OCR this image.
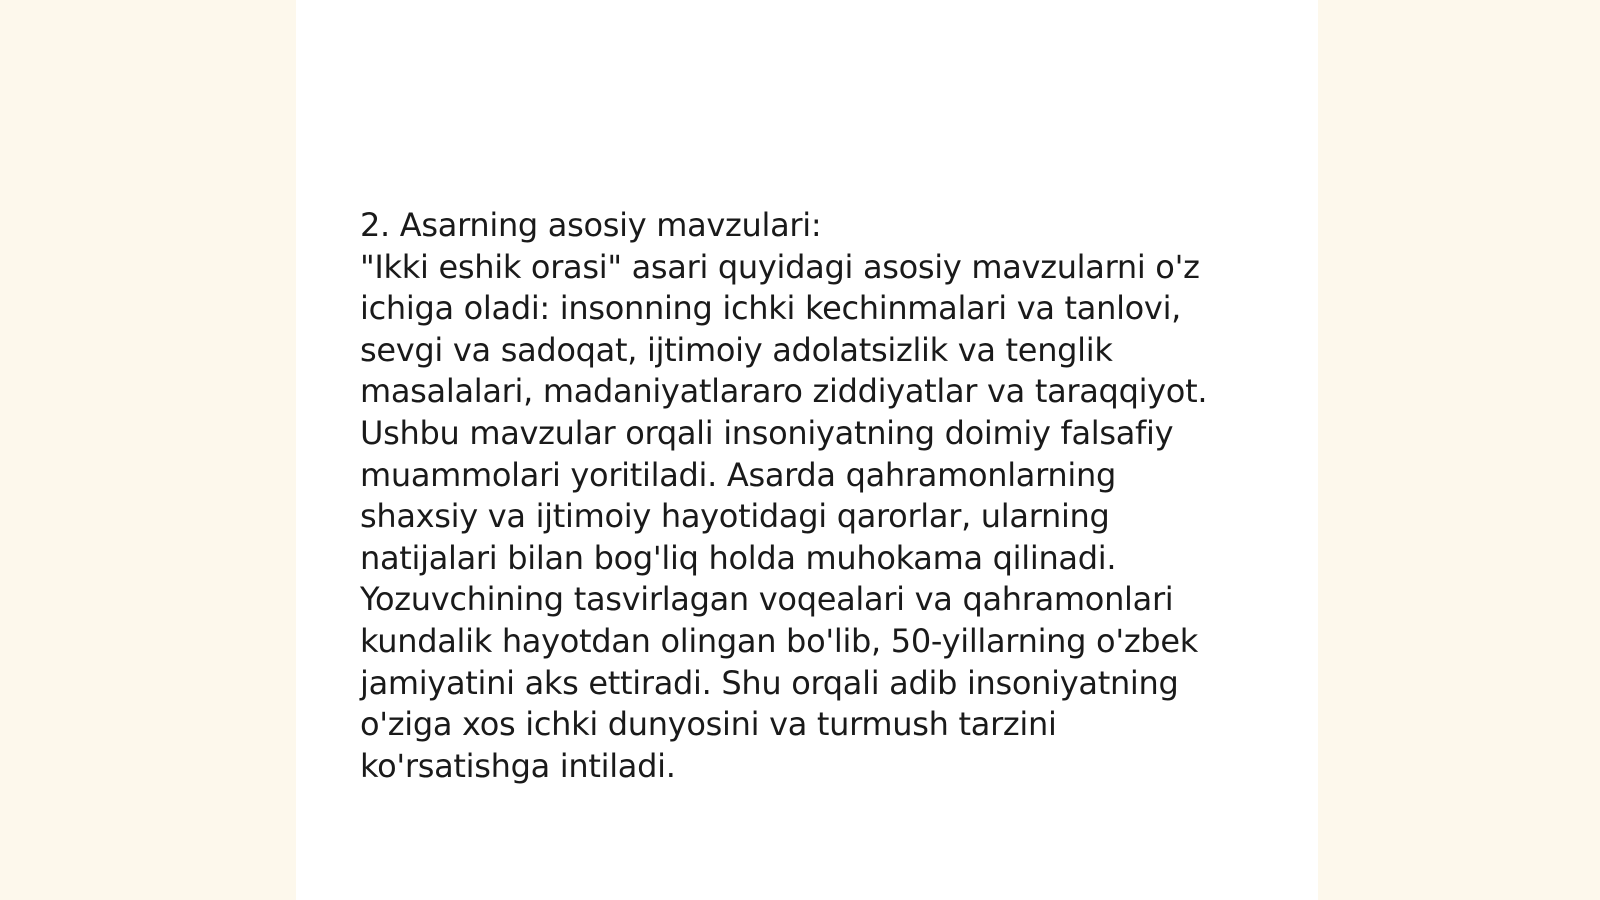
2. Asarning asosiy mavzulari:

"Ikki eshik orasi" asari quyidagi asosiy mavzularni o'z ichiga oladi: insonning ichki kechinmalari va tanlovi, sevgi va sadoqat, ijtimoiy adolatsizlik va tenglik masalalari, madaniyatlararo ziddiyatlar va taraqqiyot. Ushbu mavzular orqali insoniyatning doimiy falsafiy muammolari yoritiladi. Asarda qahramonlarning shaxsiy va ijtimoiy hayotidagi qarorlar, ularning natijalari bilan bog'liq holda muhokama qilinadi. Yozuvchining tasvirlagan voqealari va qahramonlari kundalik hayotdan olingan bo'lib, 50-yillarning o'zbek jamiyatini aks ettiradi. Shu orqali adib insoniyatning o'ziga xos ichki dunyosini va turmush tarzini ko'rsatishga intiladi.
